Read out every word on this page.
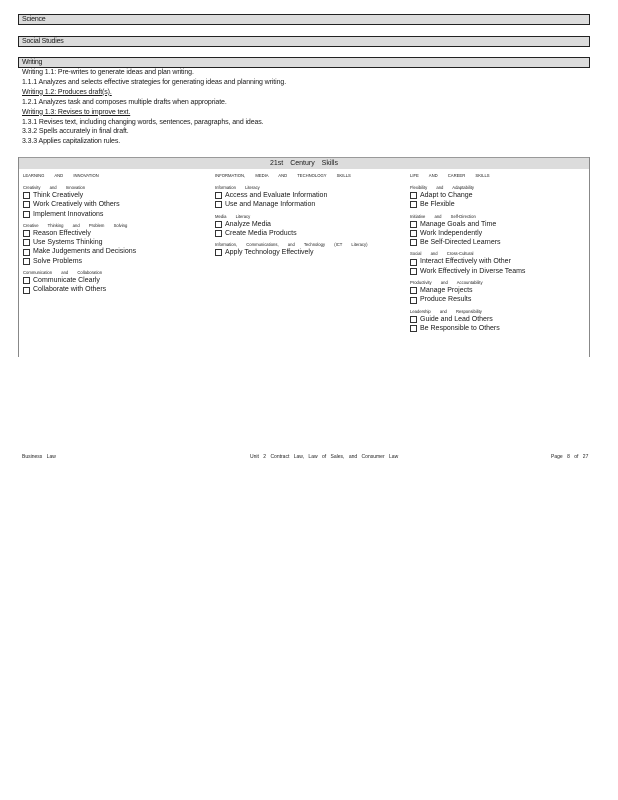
Science
Social Studies
Writing
Writing 1.1: Pre-writes to generate ideas and plan writing.
1.1.1 Analyzes and selects effective strategies for generating ideas and planning writing.
Writing 1.2: Produces draft(s).
1.2.1 Analyzes task and composes multiple drafts when appropriate.
Writing 1.3: Revises to improve text.
1.3.1 Revises text, including changing words, sentences, paragraphs, and ideas.
3.3.2 Spells accurately in final draft.
3.3.3 Applies capitalization rules.
21st Century Skills
LEARNING AND INNOVATION
Creativity and Innovation
Think Creatively
Work Creatively with Others
Implement Innovations
Creative Thinking and Problem Solving
Reason Effectively
Use Systems Thinking
Make Judgements and Decisions
Solve Problems
Communication and Collaboration
Communicate Clearly
Collaborate with Others
INFORMATION, MEDIA AND TECHNOLOGY SKILLS
Information Literacy
Access and Evaluate Information
Use and Manage Information
Media Literacy
Analyze Media
Create Media Products
Information, Communications, and Technology (ICT Literacy)
Apply Technology Effectively
LIFE AND CAREER SKILLS
Flexibility and Adaptability
Adapt to Change
Be Flexible
Initiative and Self-Direction
Manage Goals and Time
Work Independently
Be Self-Directed Learners
Social and Cross-Cultural
Interact Effectively with Other
Work Effectively in Diverse Teams
Productivity and Accountability
Manage Projects
Produce Results
Leadership and Responsibility
Guide and Lead Others
Be Responsible to Others
Business Law	Unit 2 Contract Law, Law of Sales, and Consumer Law	Page 8 of 27
